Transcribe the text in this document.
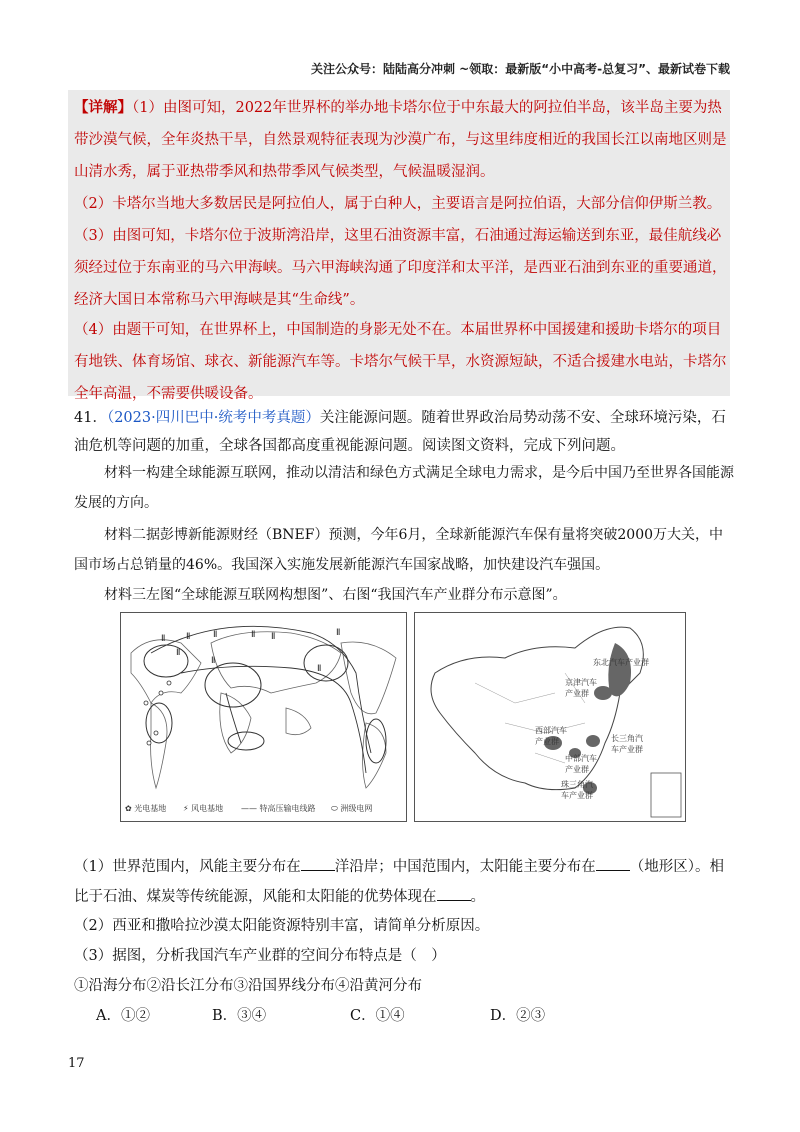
关注公众号：陆陆高分冲刺 ~领取：最新版“小中高考-总复习”、最新试卷下载
【详解】（1）由图可知，2022年世界杯的举办地卡塔尔位于中东最大的阿拉伯半岛，该半岛主要为热带沙漠气候，全年炎热干旱，自然景观特征表现为沙漠广布，与这里纬度相近的我国长江以南地区则是山清水秀，属于亚热带季风和热带季风气候类型，气候温暖湿润。
（2）卡塔尔当地大多数居民是阿拉伯人，属于白种人，主要语言是阿拉伯语，大部分信仰伊斯兰教。
（3）由图可知，卡塔尔位于波斯湾沿岸，这里石油资源丰富，石油通过海运输送到东亚，最佳航线必须经过位于东南亚的马六甲海峡。马六甲海峡沟通了印度洋和太平洋，是西亚石油到东亚的重要通道，经济大国日本常称马六甲海峡是其“生命线”。
（4）由题干可知，在世界杯上，中国制造的身影无处不在。本届世界杯中国援建和援助卡塔尔的项目有地铁、体育场馆、球衣、新能源汽车等。卡塔尔气候干旱，水资源短缺，不适合援建水电站，卡塔尔全年高温，不需要供暖设备。
41．（2023·四川巴中·统考中考真题）关注能源问题。随着世界政治局势动荡不安、全球环境污染，石油危机等问题的加重，全球各国都高度重视能源问题。阅读图文资料，完成下列问题。
材料一构建全球能源互联网，推动以清洁和绿色方式满足全球电力需求，是今后中国乃至世界各国能源发展的方向。
材料二据彭博新能源财经（BNEF）预测，今年6月，全球新能源汽车保有量将突破2000万大关，中国市场占总销量的46%。我国深入实施发展新能源汽车国家战略，加快建设汽车强国。
材料三左图“全球能源互联网构想图”、右图“我国汽车产业群分布示意图”。
Ⅱ Ⅱ	Ⅱ	Ⅱ Ⅱ	Ⅱ
Ⅱ
Ⅱ
Ⅱ
✿ 光电基地 ⚡ 风电基地 —— 特高压输电线路 ⬭ 洲级电网
东北汽车产业群
京津汽车产业群
西部汽车产业群
中部汽车产业群
长三角汽车产业群
珠三角汽车产业群
（1）世界范围内，风能主要分布在 洋沿岸；中国范围内，太阳能主要分布在 （地形区）。相比于石油、煤炭等传统能源，风能和太阳能的优势体现在 。
（2）西亚和撒哈拉沙漠太阳能资源特别丰富，请简单分析原因。
（3）据图，分析我国汽车产业群的空间分布特点是（　）
①沿海分布②沿长江分布③沿国界线分布④沿黄河分布
A．①②	B．③④	C．①④	D．②③
17
